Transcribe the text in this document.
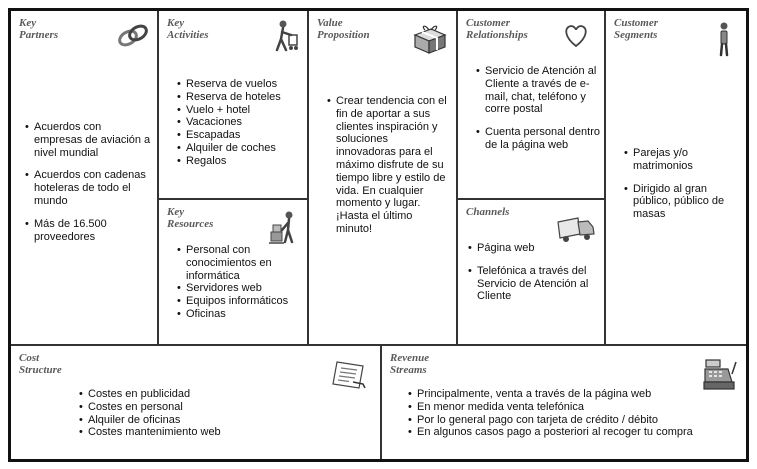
Key
Partners
• Acuerdos con empresas de aviación a nivel mundial
• Acuerdos con cadenas hoteleras de todo el mundo
• Más de 16.500 proveedores
Key
Activities
• Reserva de vuelos
• Reserva de hoteles
• Vuelo + hotel
• Vacaciones
• Escapadas
• Alquiler de coches
• Regalos
Key
Resources
• Personal con conocimientos en informática
• Servidores web
• Equipos informáticos
• Oficinas
Value
Proposition
• Crear tendencia con el fin de aportar a sus clientes inspiración y soluciones innovadoras para el máximo disfrute de su tiempo libre y estilo de vida. En cualquier momento y lugar. ¡Hasta el último minuto!
Customer
Relationships
• Servicio de Atención al Cliente a través de e-mail, chat, teléfono y corre postal
• Cuenta personal dentro de la página web
Channels
• Página web
• Telefónica a través del Servicio de Atención al Cliente
Customer
Segments
• Parejas y/o matrimonios
• Dirigido al gran público, público de masas
Cost
Structure
• Costes en publicidad
• Costes en personal
• Alquiler de oficinas
• Costes mantenimiento web
Revenue
Streams
• Principalmente, venta a través de la página web
• En menor medida venta telefónica
• Por lo general pago con tarjeta de crédito / débito
• En algunos casos pago a posteriori al recoger tu compra
